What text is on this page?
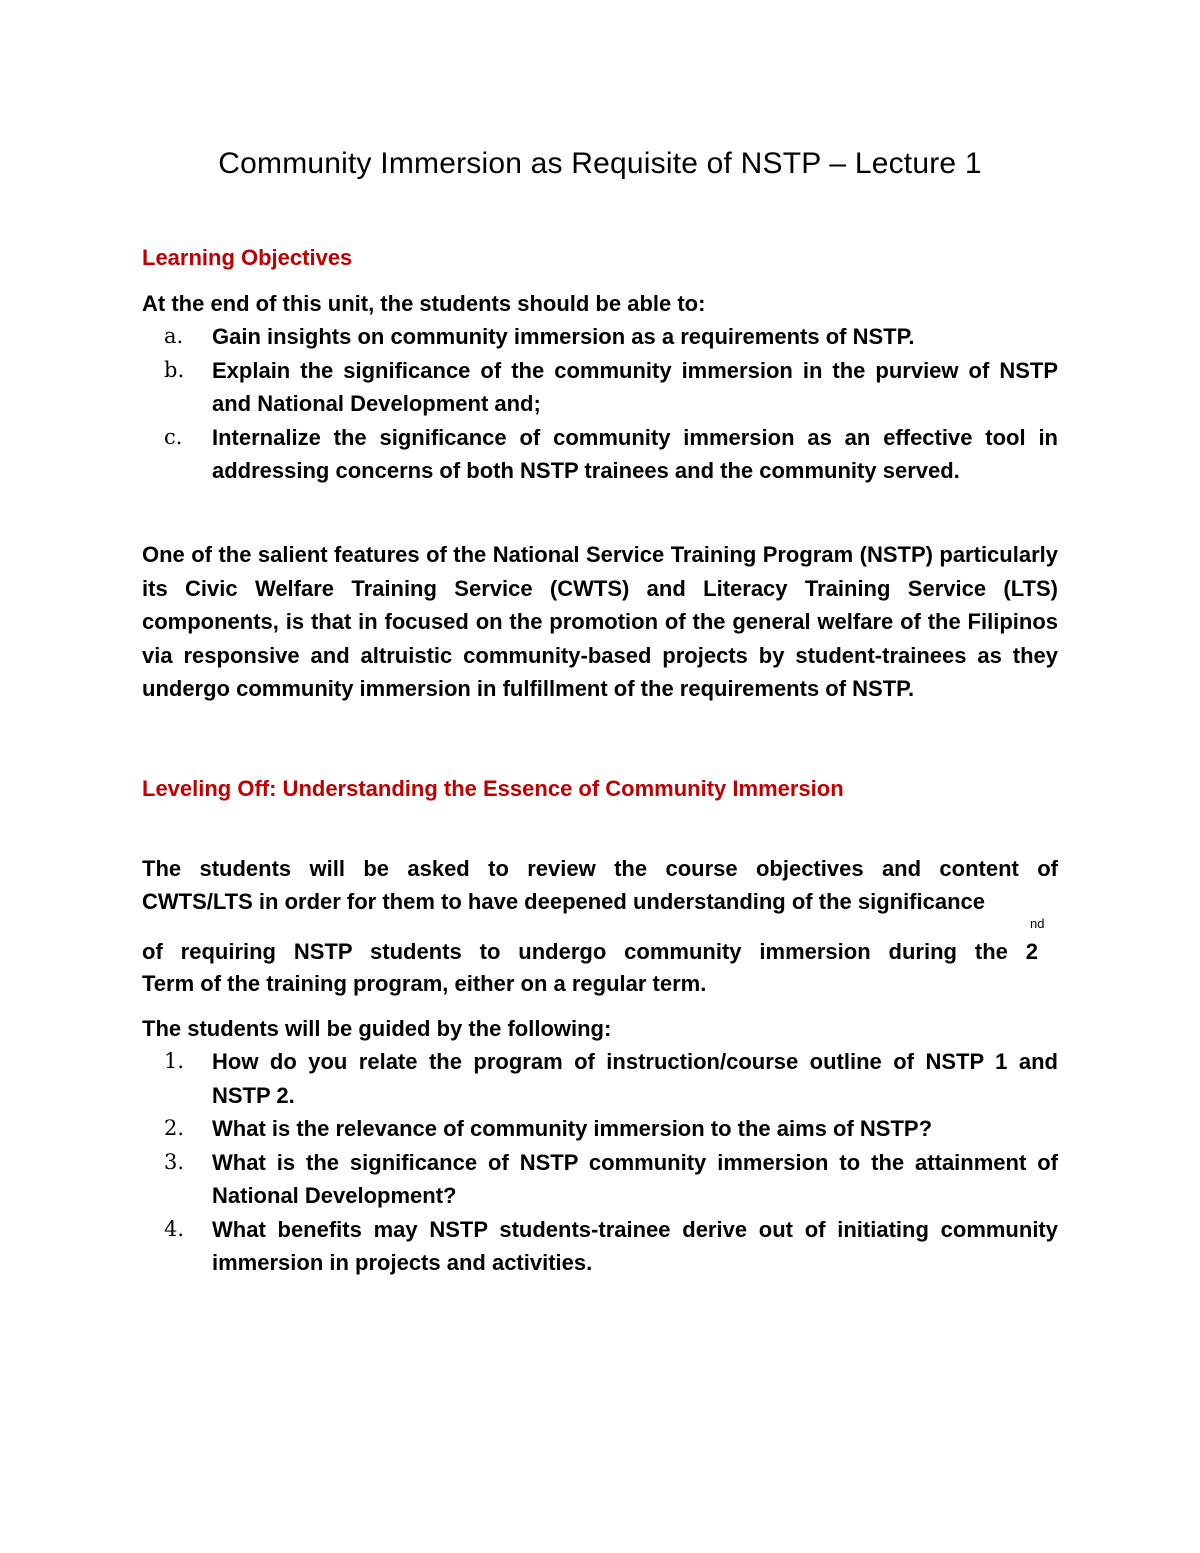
Community Immersion as Requisite of NSTP – Lecture 1
Learning Objectives
At the end of this unit, the students should be able to:
a.	Gain insights on community immersion as a requirements of NSTP.
b.	Explain the significance of the community immersion in the purview of NSTP and National Development and;
c.	Internalize the significance of community immersion as an effective tool in addressing concerns of both NSTP trainees and the community served.
One of the salient features of the National Service Training Program (NSTP) particularly its Civic Welfare Training Service (CWTS) and Literacy Training Service (LTS) components, is that in focused on the promotion of the general welfare of the Filipinos via responsive and altruistic community-based projects by student-trainees as they undergo community immersion in fulfillment of the requirements of NSTP.
Leveling Off: Understanding the Essence of Community Immersion
The students will be asked to review the course objectives and content of
CWTS/LTS in order for them to have deepened understanding of the significance
nd
of requiring NSTP students to undergo community immersion during the 2
Term of the training program, either on a regular term.
The students will be guided by the following:
1.	How do you relate the program of instruction/course outline of NSTP 1 and NSTP 2.
2.	What is the relevance of community immersion to the aims of NSTP?
3.	What is the significance of NSTP community immersion to the attainment of National Development?
4.	What benefits may NSTP students-trainee derive out of initiating community immersion in projects and activities.
